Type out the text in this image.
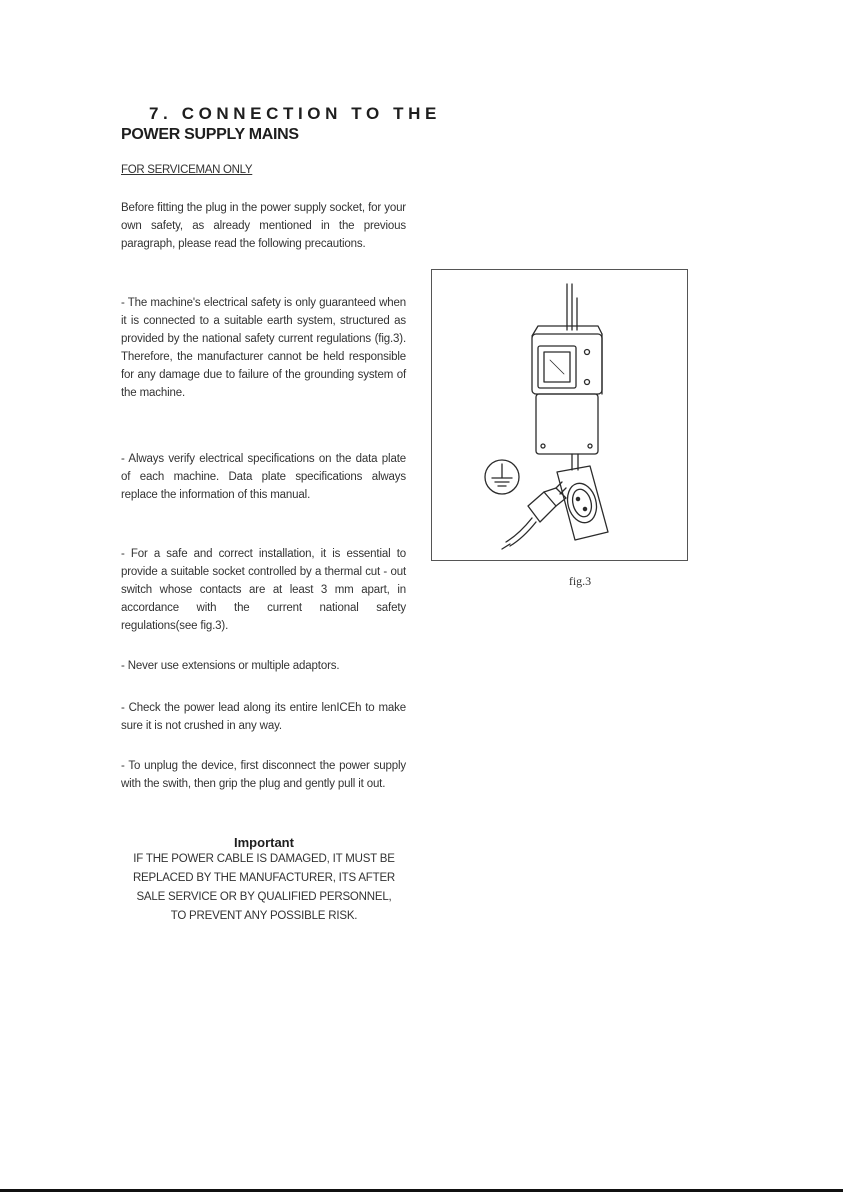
7. CONNECTION TO THE
POWER SUPPLY MAINS
FOR SERVICEMAN ONLY

Before fitting the plug in the power supply socket, for your own safety, as already mentioned in the previous paragraph, please read the following precautions.

- The machine's electrical safety is only guaranteed when it is connected to a suitable earth system, structured as provided by the national safety current regulations (fig.3). Therefore, the manufacturer cannot be held responsible for any damage due to failure of the grounding system of the machine.

- Always verify electrical specifications on the data plate of each machine. Data plate specifications always replace the information of this manual.

- For a safe and correct installation, it is essential to provide a suitable socket controlled by a thermal cut - out switch whose contacts are at least 3 mm apart, in accordance with the current national safety regulations(see fig.3).

- Never use extensions or multiple adaptors.

- Check the power lead along its entire lenICEh to make sure it is not crushed in any way.

- To unplug the device, first disconnect the power supply with the swith, then grip the plug and gently pull it out.

Important
IF THE POWER CABLE IS DAMAGED, IT MUST BE
REPLACED BY THE MANUFACTURER, ITS AFTER
SALE SERVICE OR BY QUALIFIED PERSONNEL,
TO PREVENT ANY POSSIBLE RISK.
fig.3
